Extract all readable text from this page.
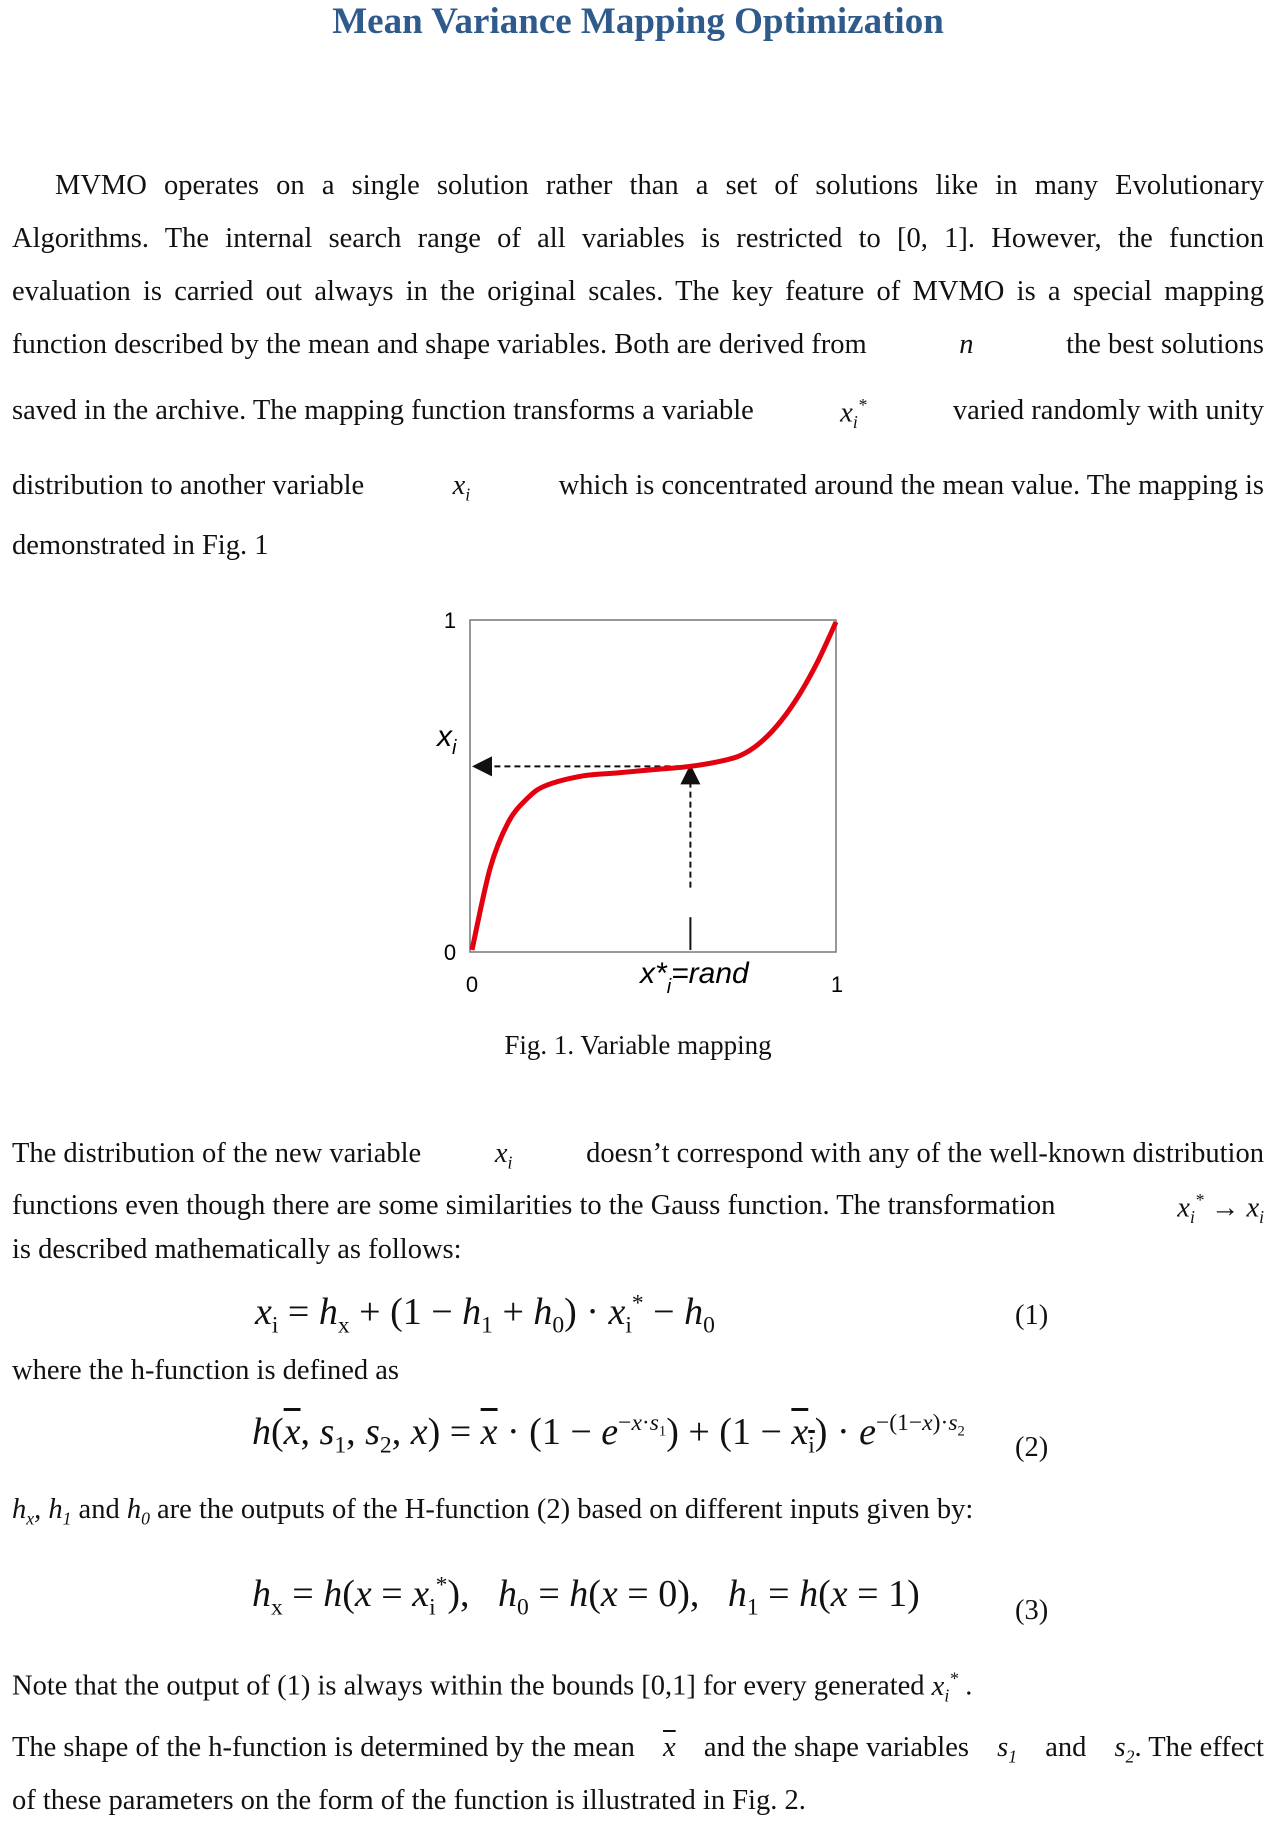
Mean Variance Mapping Optimization
MVMO operates on a single solution rather than a set of solutions like in many Evolutionary
Algorithms. The internal search range of all variables is restricted to [0, 1]. However, the function
evaluation is carried out always in the original scales. The key feature of MVMO is a special mapping
function described by the mean and shape variables. Both are derived from	n	the best solutions
saved in the archive. The mapping function transforms a variable	$x_i^*$	varied randomly with unity
distribution to another variable	$x_i$	which is concentrated around the mean value. The mapping is
demonstrated in Fig. 1
1
0
0	1
$x_i$
$x*_i=rand$
Fig. 1. Variable mapping
The distribution of the new variable	$x_i$	doesn’t correspond with any of the well-known distribution
functions even though there are some similarities to the Gauss function. The transformation	$x_i^* \to x_i$
is described mathematically as follows:
$x_i = h_x + (1 - h_1 + h_0) \cdot x_i^* - h_0$	(1)
where the h-function is defined as
$h(\overline{x}$, $s_1$, $s_2$, $x) = \overline{x} \cdot (1 - e^{-x\cdot s_1}) + (1 - x_i) \cdot e^{-(1-x)\cdot s_2}$ (2)
$h_x$, $h_1$ and $h_0$ are the outputs of the H-function (2) based on different inputs given by:
$h_x = h(x = x_i^*)$,   $h_0 = h(x = 0)$,   $h_1 = h(x = 1)$	(3)
Note that the output of (1) is always within the bounds [0,1] for every generated $x_i^*$ .
The shape of the h-function is determined by the mean $\overline{x}$ and the shape variables $s_1$ and $s_2$. The effect
of these parameters on the form of the function is illustrated in Fig. 2.
